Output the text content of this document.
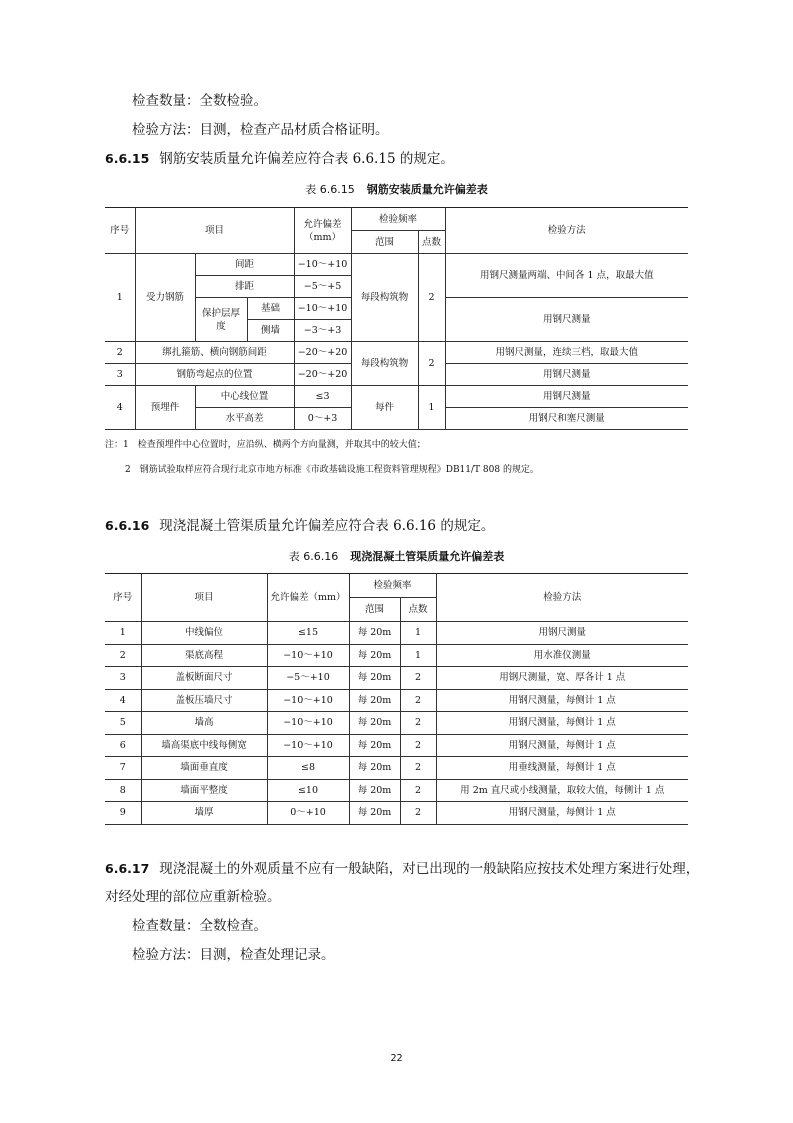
检查数量：全数检验。
检验方法：目测，检查产品材质合格证明。
6.6.15 钢筋安装质量允许偏差应符合表 6.6.15 的规定。
表 6.6.15 钢筋安装质量允许偏差表
序号	项目			允许偏差（mm）	检验频率		检验方法
					范围	点数	
1	受力钢筋	间距		−10～+10	每段构筑物	2	用钢尺测量两端、中间各 1 点，取最大值
		排距		−5～+5			
		保护层厚度	基础	−10～+10			用钢尺测量
			侧墙	−3～+3			
2	绑扎箍筋、横向钢筋间距			−20～+20	每段构筑物	2	用钢尺测量，连续三档，取最大值
3	钢筋弯起点的位置			−20～+20			用钢尺测量
4	预埋件	中心线位置		≤3	每件	1	用钢尺测量
		水平高差		0～+3			用钢尺和塞尺测量
注：1　检查预埋件中心位置时，应沿纵、横两个方向量测，并取其中的较大值；
2　钢筋试验取样应符合现行北京市地方标准《市政基础设施工程资料管理规程》DB11/T 808 的规定。
6.6.16 现浇混凝土管渠质量允许偏差应符合表 6.6.16 的规定。
表 6.6.16 现浇混凝土管渠质量允许偏差表
序号	项目	允许偏差（mm）	检验频率		检验方法
			范围	点数	
1	中线偏位	≤15	每 20m	1	用钢尺测量
2	渠底高程	−10～+10	每 20m	1	用水准仪测量
3	盖板断面尺寸	−5～+10	每 20m	2	用钢尺测量，宽、厚各计 1 点
4	盖板压墙尺寸	−10～+10	每 20m	2	用钢尺测量，每侧计 1 点
5	墙高	−10～+10	每 20m	2	用钢尺测量，每侧计 1 点
6	墙高渠底中线每侧宽	−10～+10	每 20m	2	用钢尺测量，每侧计 1 点
7	墙面垂直度	≤8	每 20m	2	用垂线测量，每侧计 1 点
8	墙面平整度	≤10	每 20m	2	用 2m 直尺或小线测量，取较大值，每侧计 1 点
9	墙厚	0～+10	每 20m	2	用钢尺测量，每侧计 1 点
6.6.17 现浇混凝土的外观质量不应有一般缺陷，对已出现的一般缺陷应按技术处理方案进行处理，
对经处理的部位应重新检验。
检查数量：全数检查。
检验方法：目测，检查处理记录。
22
